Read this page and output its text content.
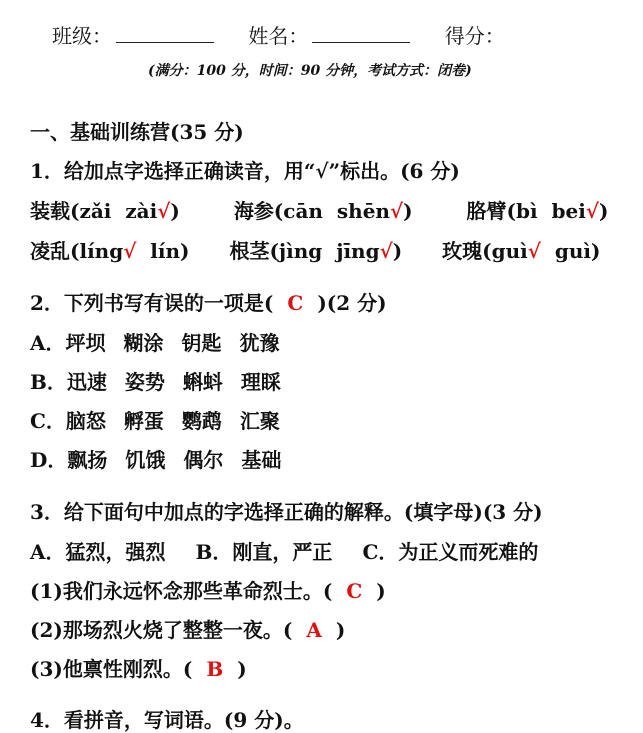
班级：	姓名：	得分：
(满分：100 分，时间：90 分钟，考试方式：闭卷)
一、基础训练营(35 分)
1．给加点字选择正确读音，用“√”标出。(6 分)
装载(zǎi zài√)	海参(cān shēn√)	胳臂(bì bei√)
凌乱(líng√ lín) 根茎(jìng jīng√) 玫瑰(guì√ guì)
2．下列书写有误的一项是( C )(2 分)
A．坪坝 糊涂 钥匙 犹豫
B．迅速 姿势 蝌蚪 理睬
C．脑怒 孵蛋 鹦鹉 汇聚
D．飘扬 饥饿 偶尔 基础
3．给下面句中加点的字选择正确的解释。(填字母)(3 分)
A．猛烈，强烈 B．刚直，严正 C．为正义而死难的
(1)我们永远怀念那些革命烈士。( C )
(2)那场烈火烧了整整一夜。( A )
(3)他禀性刚烈。( B )
4．看拼音，写词语。(9 分)。
